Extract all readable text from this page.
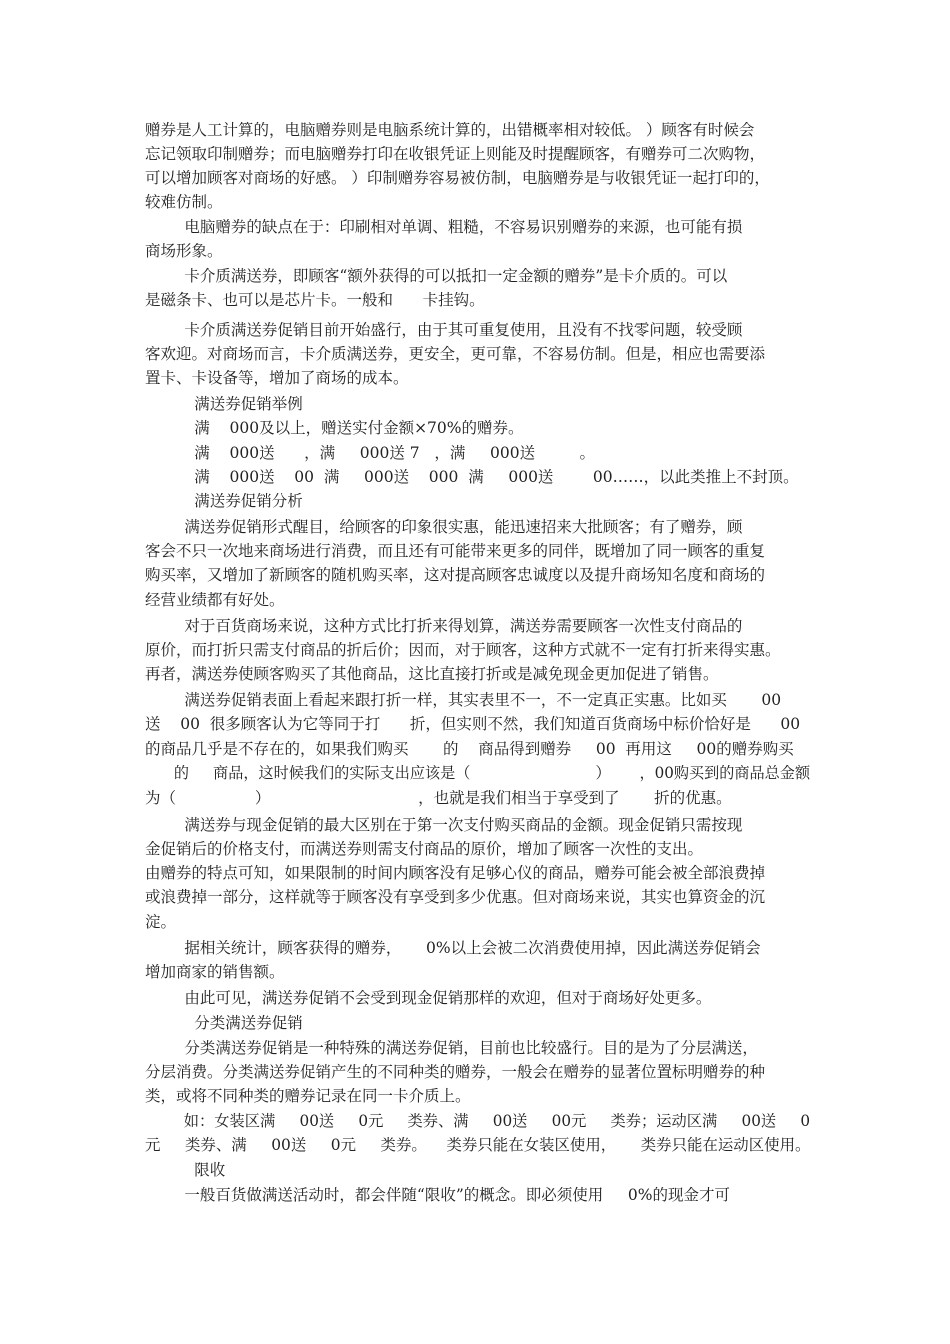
赠券是人工计算的，电脑赠券则是电脑系统计算的，出错概率相对较低。 ）顾客有时候会
忘记领取印制赠券；而电脑赠券打印在收银凭证上则能及时提醒顾客，有赠券可二次购物，
可以增加顾客对商场的好感。 ）印制赠券容易被仿制，电脑赠券是与收银凭证一起打印的，
较难仿制。
电脑赠券的缺点在于：印刷相对单调、粗糙，不容易识别赠券的来源，也可能有损
商场形象。
卡介质满送券，即顾客“额外获得的可以抵扣一定金额的赠券”是卡介质的。可以
是磁条卡、也可以是芯片卡。一般和      卡挂钩。
卡介质满送券促销目前开始盛行，由于其可重复使用，且没有不找零问题，较受顾
客欢迎。对商场而言，卡介质满送券，更安全，更可靠，不容易仿制。但是，相应也需要添
置卡、卡设备等，增加了商场的成本。
满送券促销举例
满    000及以上，赠送实付金额×70%的赠券。
满    000送      ，满     000送 7   ，满     000送         。
满    000送    00  满     000送    000  满     000送        00……，以此类推上不封顶。
满送券促销分析
满送券促销形式醒目，给顾客的印象很实惠，能迅速招来大批顾客；有了赠券，顾
客会不只一次地来商场进行消费，而且还有可能带来更多的同伴，既增加了同一顾客的重复
购买率，又增加了新顾客的随机购买率，这对提高顾客忠诚度以及提升商场知名度和商场的
经营业绩都有好处。
对于百货商场来说，这种方式比打折来得划算，满送券需要顾客一次性支付商品的
原价，而打折只需支付商品的折后价；因而，对于顾客，这种方式就不一定有打折来得实惠。
再者，满送券使顾客购买了其他商品，这比直接打折或是减免现金更加促进了销售。
满送券促销表面上看起来跟打折一样，其实表里不一，不一定真正实惠。比如买       00
送    00  很多顾客认为它等同于打      折，但实则不然，我们知道百货商场中标价恰好是      00
的商品几乎是不存在的，如果我们购买       的    商品得到赠券     00  再用这     00的赠券购买
的     商品，这时候我们的实际支出应该是（                          ）      ，00购买到的商品总金额
为（                ）                              ，也就是我们相当于享受到了       折的优惠。
满送券与现金促销的最大区别在于第一次支付购买商品的金额。现金促销只需按现
金促销后的价格支付，而满送券则需支付商品的原价，增加了顾客一次性的支出。
由赠券的特点可知，如果限制的时间内顾客没有足够心仪的商品，赠券可能会被全部浪费掉
或浪费掉一部分，这样就等于顾客没有享受到多少优惠。但对商场来说，其实也算资金的沉
淀。
据相关统计，顾客获得的赠券，     0%以上会被二次消费使用掉，因此满送券促销会
增加商家的销售额。
由此可见，满送券促销不会受到现金促销那样的欢迎，但对于商场好处更多。
分类满送券促销
分类满送券促销是一种特殊的满送券促销，目前也比较盛行。目的是为了分层满送，
分层消费。分类满送券促销产生的不同种类的赠券，一般会在赠券的显著位置标明赠券的种
类，或将不同种类的赠券记录在同一卡介质上。
如：女装区满     00送     0元     类券、满     00送     00元     类券；运动区满     00送     0
元     类券、满     00送     0元     类券。    类券只能在女装区使用，     类券只能在运动区使用。
限收
一般百货做满送活动时，都会伴随“限收”的概念。即必须使用     0%的现金才可
